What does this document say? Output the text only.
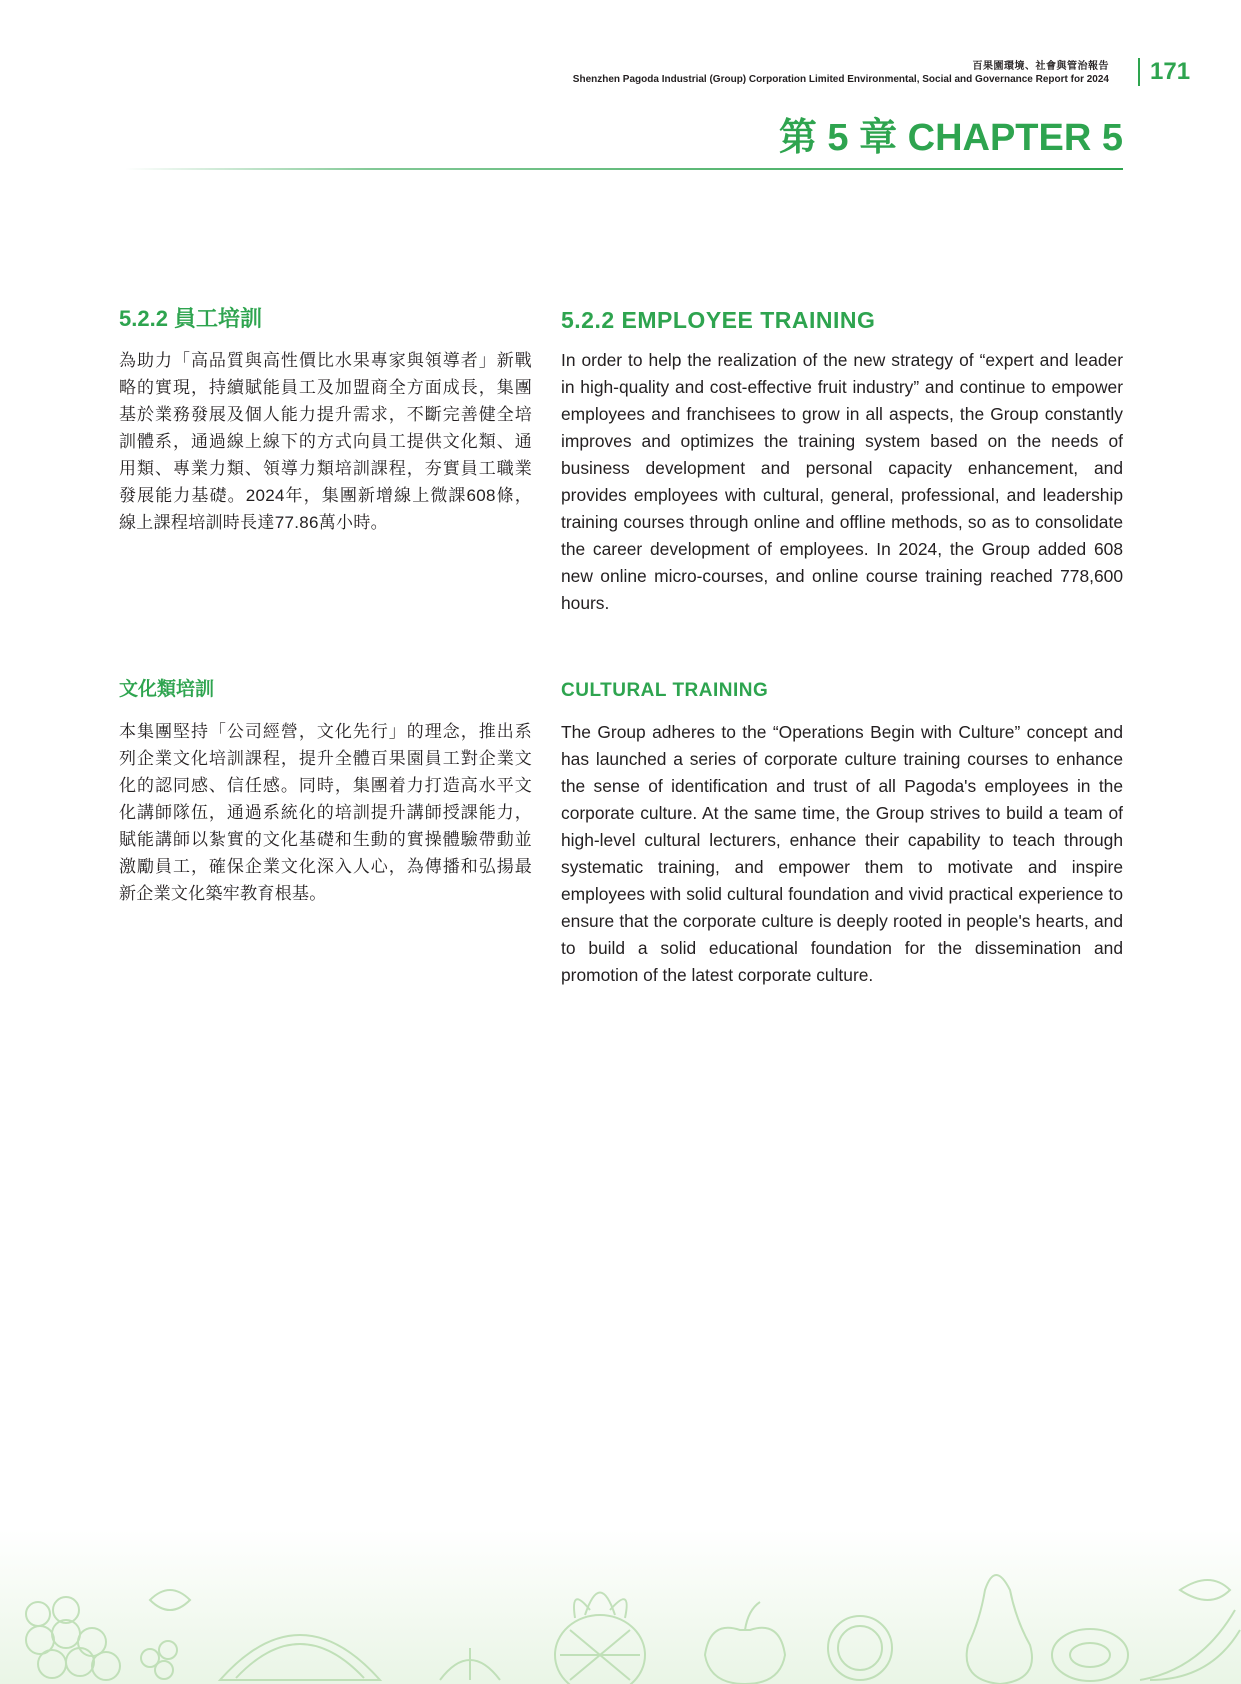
百果園環境、社會與管治報告
Shenzhen Pagoda Industrial (Group) Corporation Limited Environmental, Social and Governance Report for 2024 171
第 5 章 CHAPTER 5
5.2.2 員工培訓

為助力「高品質與高性價比水果專家與領導者」新戰略的實現，持續賦能員工及加盟商全方面成長，集團基於業務發展及個人能力提升需求，不斷完善健全培訓體系，通過線上線下的方式向員工提供文化類、通用類、專業力類、領導力類培訓課程，夯實員工職業發展能力基礎。2024年，集團新增線上微課608條，線上課程培訓時長達77.86萬小時。

5.2.2 EMPLOYEE TRAINING

In order to help the realization of the new strategy of “expert and leader in high-quality and cost-effective fruit industry” and continue to empower employees and franchisees to grow in all aspects, the Group constantly improves and optimizes the training system based on the needs of business development and personal capacity enhancement, and provides employees with cultural, general, professional, and leadership training courses through online and offline methods, so as to consolidate the career development of employees. In 2024, the Group added 608 new online micro-courses, and online course training reached 778,600 hours.

文化類培訓

本集團堅持「公司經營，文化先行」的理念，推出系列企業文化培訓課程，提升全體百果園員工對企業文化的認同感、信任感。同時，集團着力打造高水平文化講師隊伍，通過系統化的培訓提升講師授課能力，賦能講師以紮實的文化基礎和生動的實操體驗帶動並激勵員工，確保企業文化深入人心，為傳播和弘揚最新企業文化築牢教育根基。

CULTURAL TRAINING

The Group adheres to the “Operations Begin with Culture” concept and has launched a series of corporate culture training courses to enhance the sense of identification and trust of all Pagoda's employees in the corporate culture. At the same time, the Group strives to build a team of high-level cultural lecturers, enhance their capability to teach through systematic training, and empower them to motivate and inspire employees with solid cultural foundation and vivid practical experience to ensure that the corporate culture is deeply rooted in people's hearts, and to build a solid educational foundation for the dissemination and promotion of the latest corporate culture.
